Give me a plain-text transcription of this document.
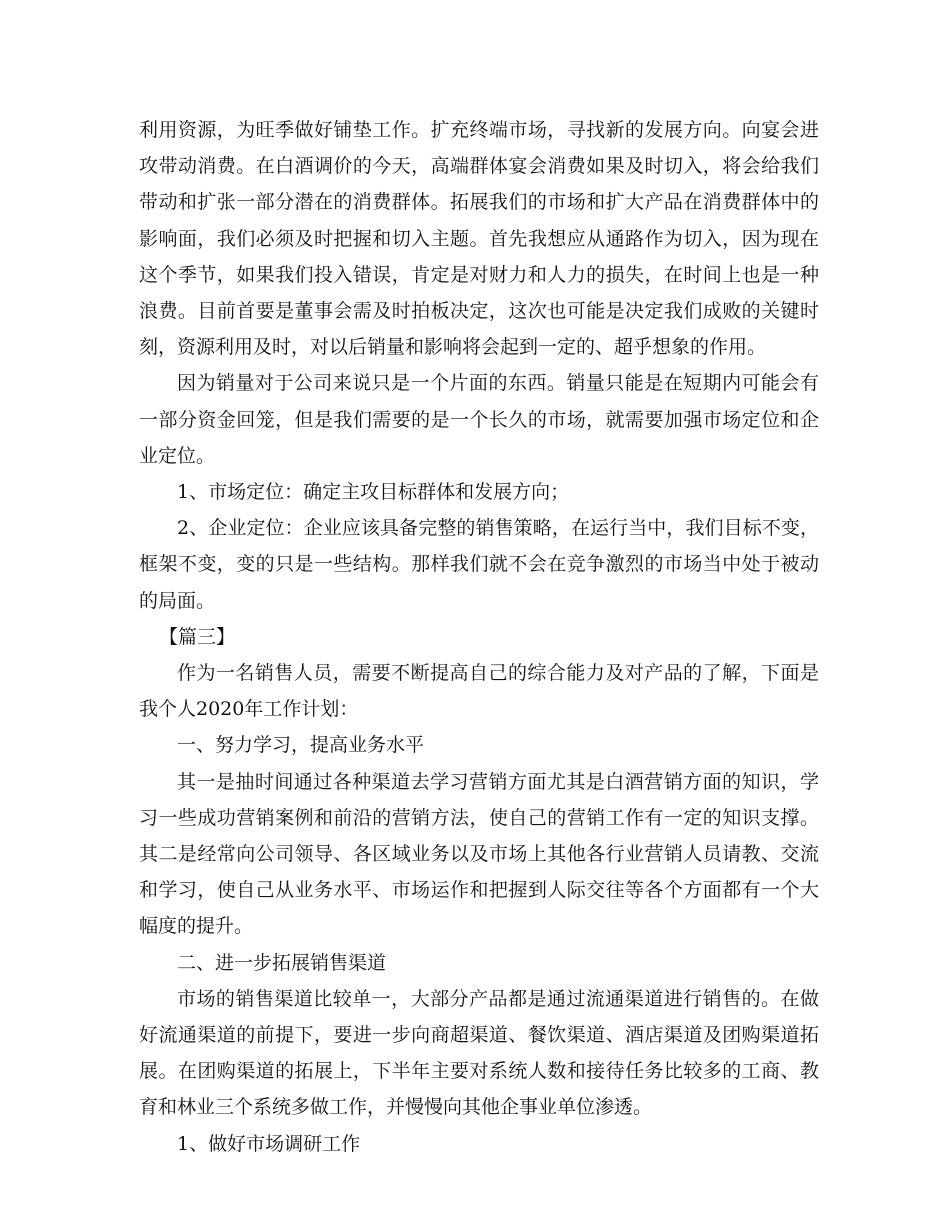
利用资源，为旺季做好铺垫工作。扩充终端市场，寻找新的发展方向。向宴会进攻带动消费。在白酒调价的今天，高端群体宴会消费如果及时切入，将会给我们带动和扩张一部分潜在的消费群体。拓展我们的市场和扩大产品在消费群体中的影响面，我们必须及时把握和切入主题。首先我想应从通路作为切入，因为现在这个季节，如果我们投入错误，肯定是对财力和人力的损失，在时间上也是一种浪费。目前首要是董事会需及时拍板决定，这次也可能是决定我们成败的关键时刻，资源利用及时，对以后销量和影响将会起到一定的、超乎想象的作用。

因为销量对于公司来说只是一个片面的东西。销量只能是在短期内可能会有一部分资金回笼，但是我们需要的是一个长久的市场，就需要加强市场定位和企业定位。

1、市场定位：确定主攻目标群体和发展方向；

2、企业定位：企业应该具备完整的销售策略，在运行当中，我们目标不变，框架不变，变的只是一些结构。那样我们就不会在竞争激烈的市场当中处于被动的局面。

【篇三】

作为一名销售人员，需要不断提高自己的综合能力及对产品的了解，下面是我个人2020年工作计划：

一、努力学习，提高业务水平

其一是抽时间通过各种渠道去学习营销方面尤其是白酒营销方面的知识，学习一些成功营销案例和前沿的营销方法，使自己的营销工作有一定的知识支撑。其二是经常向公司领导、各区域业务以及市场上其他各行业营销人员请教、交流和学习，使自己从业务水平、市场运作和把握到人际交往等各个方面都有一个大幅度的提升。

二、进一步拓展销售渠道

市场的销售渠道比较单一，大部分产品都是通过流通渠道进行销售的。在做好流通渠道的前提下，要进一步向商超渠道、餐饮渠道、酒店渠道及团购渠道拓展。在团购渠道的拓展上，下半年主要对系统人数和接待任务比较多的工商、教育和林业三个系统多做工作，并慢慢向其他企事业单位渗透。

1、做好市场调研工作
